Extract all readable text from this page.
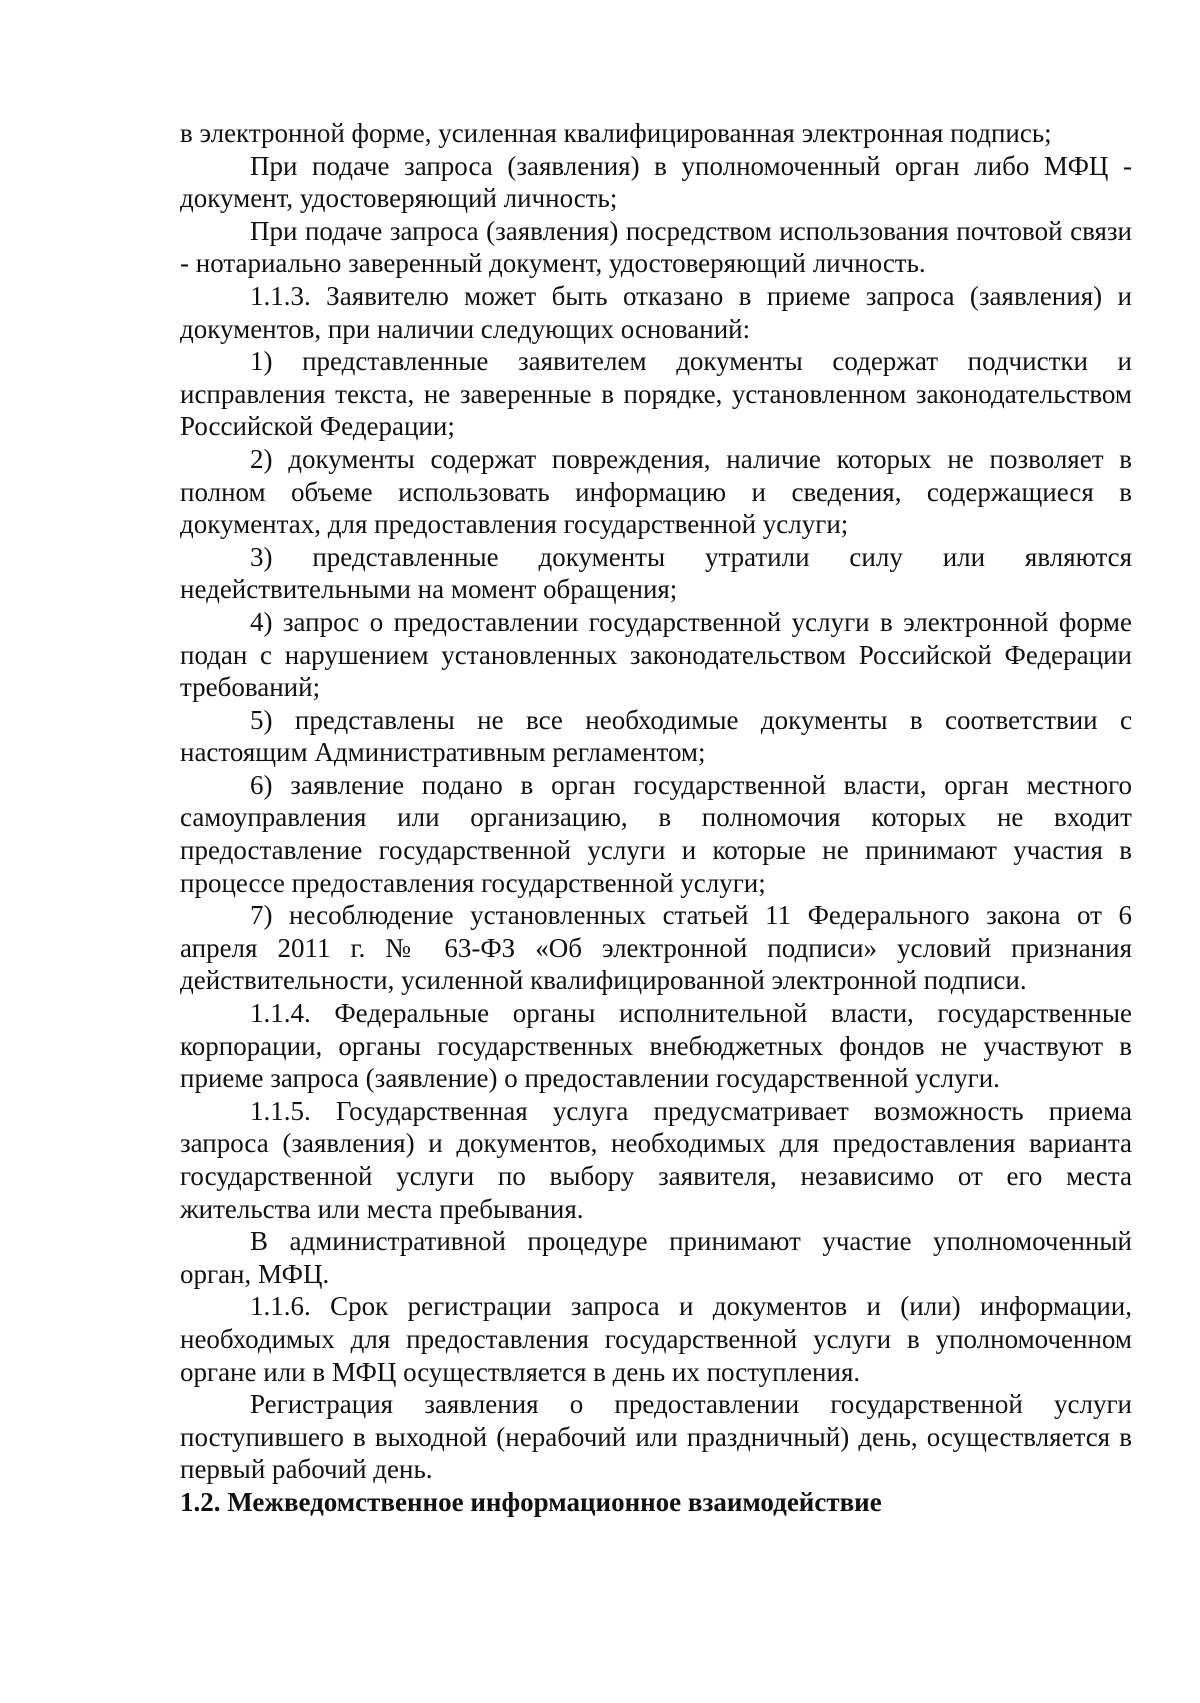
в электронной форме, усиленная квалифицированная электронная подпись;

При подаче запроса (заявления) в уполномоченный орган либо МФЦ - документ, удостоверяющий личность;

При подаче запроса (заявления) посредством использования почтовой связи - нотариально заверенный документ, удостоверяющий личность.

1.1.3. Заявителю может быть отказано в приеме запроса (заявления) и документов, при наличии следующих оснований:

1) представленные заявителем документы содержат подчистки и исправления текста, не заверенные в порядке, установленном законодательством Российской Федерации;

2) документы содержат повреждения, наличие которых не позволяет в полном объеме использовать информацию и сведения, содержащиеся в документах, для предоставления государственной услуги;

3) представленные документы утратили силу или являются недействительными на момент обращения;

4) запрос о предоставлении государственной услуги в электронной форме подан с нарушением установленных законодательством Российской Федерации требований;

5) представлены не все необходимые документы в соответствии с настоящим Административным регламентом;

6) заявление подано в орган государственной власти, орган местного самоуправления или организацию, в полномочия которых не входит предоставление государственной услуги и которые не принимают участия в процессе предоставления государственной услуги;

7) несоблюдение установленных статьей 11 Федерального закона от 6 апреля 2011 г. № 63-ФЗ «Об электронной подписи» условий признания действительности, усиленной квалифицированной электронной подписи.

1.1.4. Федеральные органы исполнительной власти, государственные корпорации, органы государственных внебюджетных фондов не участвуют в приеме запроса (заявление) о предоставлении государственной услуги.

1.1.5. Государственная услуга предусматривает возможность приема запроса (заявления) и документов, необходимых для предоставления варианта государственной услуги по выбору заявителя, независимо от его места жительства или места пребывания.

В административной процедуре принимают участие уполномоченный орган, МФЦ.

1.1.6. Срок регистрации запроса и документов и (или) информации, необходимых для предоставления государственной услуги в уполномоченном органе или в МФЦ осуществляется в день их поступления.

Регистрация заявления о предоставлении государственной услуги поступившего в выходной (нерабочий или праздничный) день, осуществляется в первый рабочий день.

1.2. Межведомственное информационное взаимодействие
